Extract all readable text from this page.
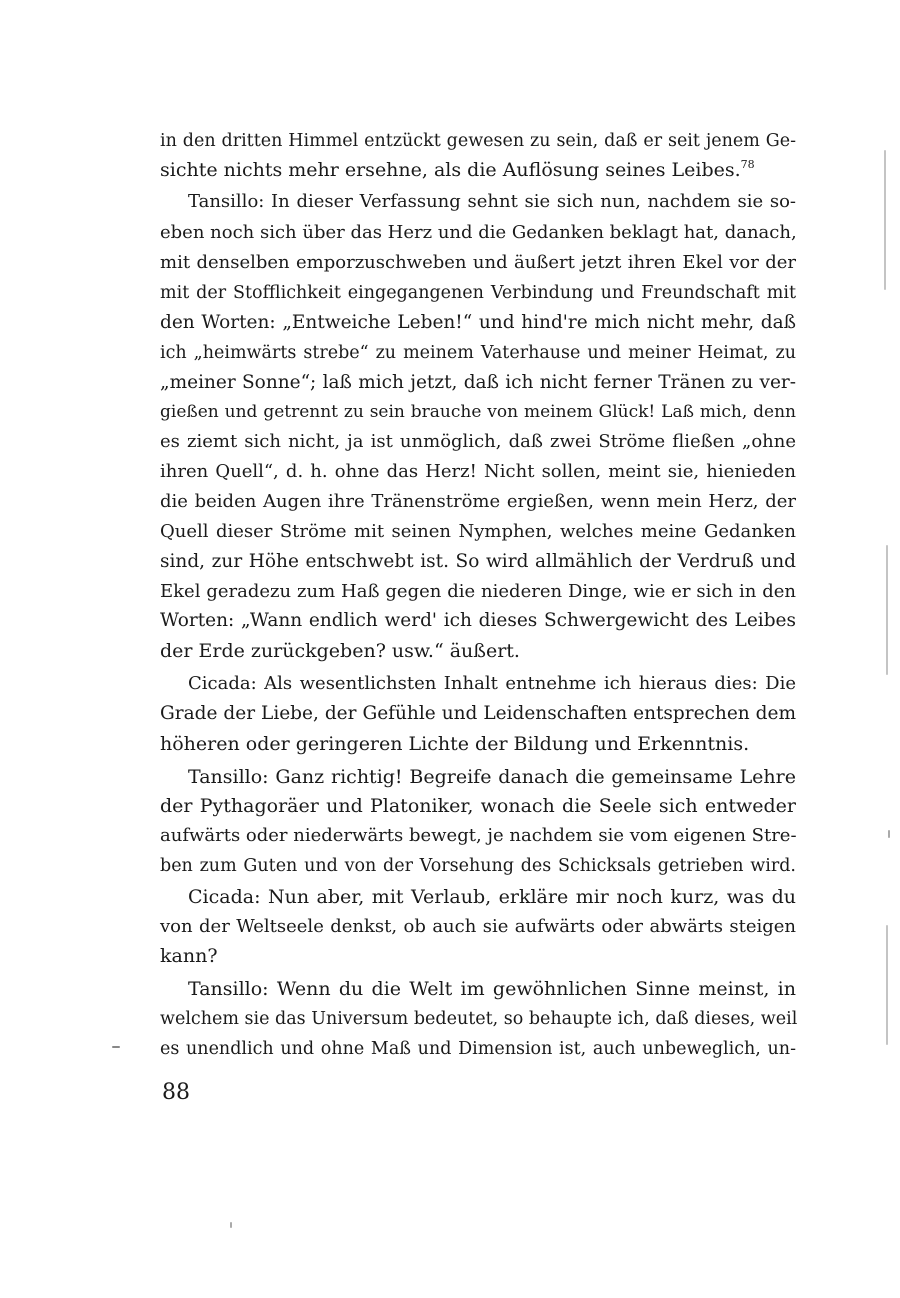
in den dritten Himmel entzückt gewesen zu sein, daß er seit jenem Ge-
sichte nichts mehr ersehne, als die Auflösung seines Leibes.$^{78}$
Tansillo: In dieser Verfassung sehnt sie sich nun, nachdem sie so-
eben noch sich über das Herz und die Gedanken beklagt hat, danach,
mit denselben emporzuschweben und äußert jetzt ihren Ekel vor der
mit der Stofflichkeit eingegangenen Verbindung und Freundschaft mit
den Worten: „Entweiche Leben!“ und hind're mich nicht mehr, daß
ich „heimwärts strebe“ zu meinem Vaterhause und meiner Heimat, zu
„meiner Sonne“; laß mich jetzt, daß ich nicht ferner Tränen zu ver-
gießen und getrennt zu sein brauche von meinem Glück! Laß mich, denn
es ziemt sich nicht, ja ist unmöglich, daß zwei Ströme fließen „ohne
ihren Quell“, d. h. ohne das Herz! Nicht sollen, meint sie, hienieden
die beiden Augen ihre Tränenströme ergießen, wenn mein Herz, der
Quell dieser Ströme mit seinen Nymphen, welches meine Gedanken
sind, zur Höhe entschwebt ist. So wird allmählich der Verdruß und
Ekel geradezu zum Haß gegen die niederen Dinge, wie er sich in den
Worten: „Wann endlich werd' ich dieses Schwergewicht des Leibes
der Erde zurückgeben? usw.“ äußert.
Cicada: Als wesentlichsten Inhalt entnehme ich hieraus dies: Die
Grade der Liebe, der Gefühle und Leidenschaften entsprechen dem
höheren oder geringeren Lichte der Bildung und Erkenntnis.
Tansillo: Ganz richtig! Begreife danach die gemeinsame Lehre
der Pythagoräer und Platoniker, wonach die Seele sich entweder
aufwärts oder niederwärts bewegt, je nachdem sie vom eigenen Stre-
ben zum Guten und von der Vorsehung des Schicksals getrieben wird.
Cicada: Nun aber, mit Verlaub, erkläre mir noch kurz, was du
von der Weltseele denkst, ob auch sie aufwärts oder abwärts steigen
kann?
Tansillo: Wenn du die Welt im gewöhnlichen Sinne meinst, in
welchem sie das Universum bedeutet, so behaupte ich, daß dieses, weil
es unendlich und ohne Maß und Dimension ist, auch unbeweglich, un-
88
